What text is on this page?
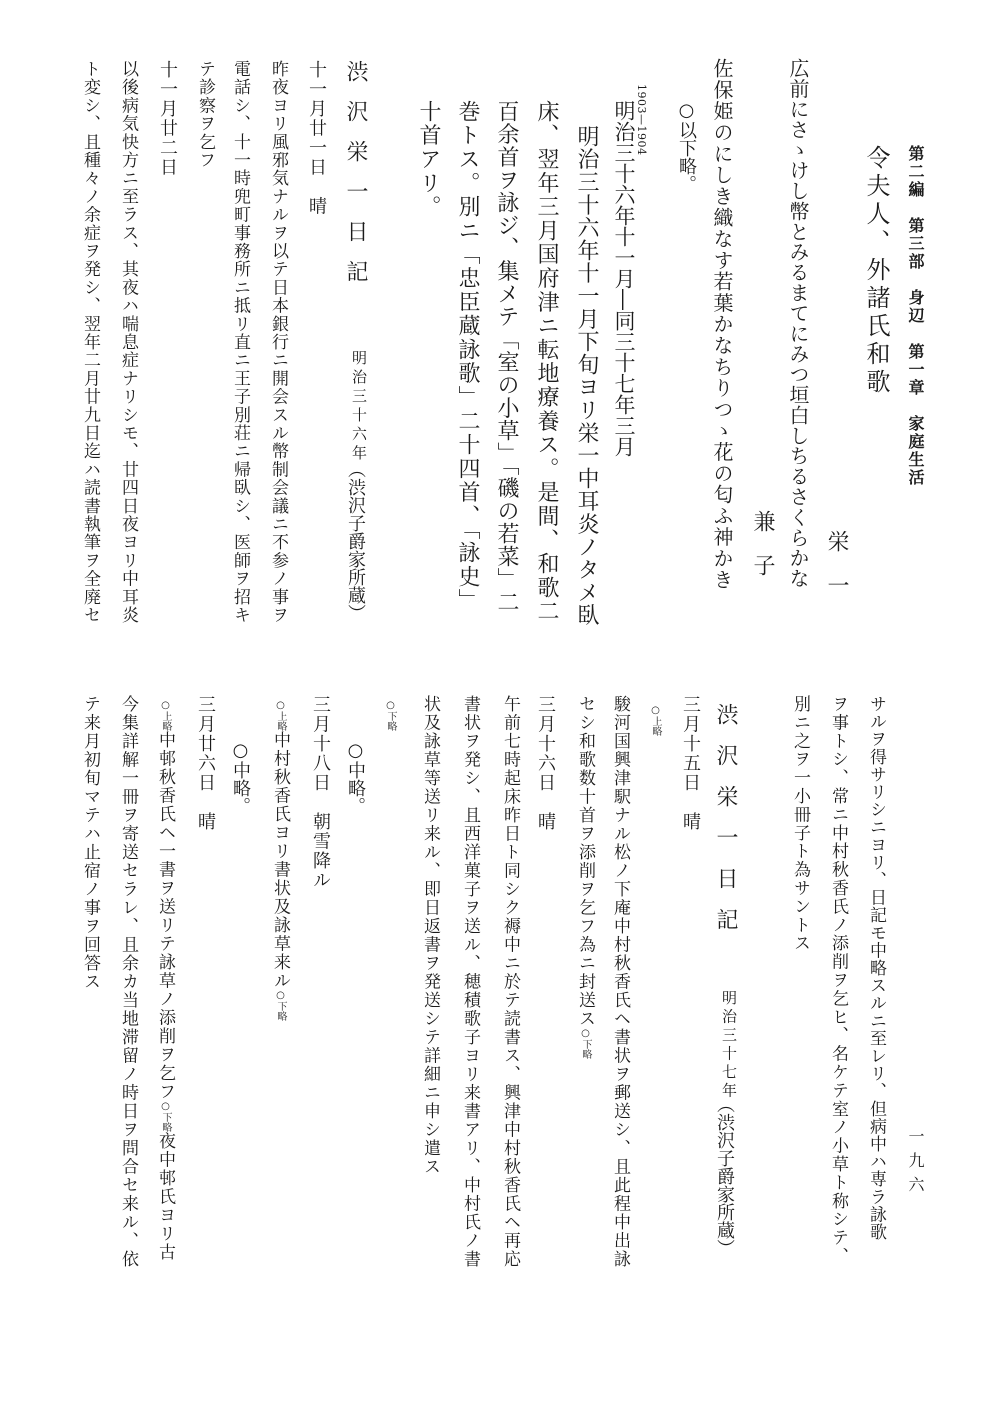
第二編　第三部　身辺　第一章　家庭生活
令夫人、外諸氏和歌
栄　一
広前にさゝけし幣とみるまてにみつ垣白しちるさくらかな
兼　子
佐保姫のにしき織なす若葉かなちりつゝ花の匂ふ神かき
○以下略。
1903—1904
明治三十六年十一月―同三十七年三月
明治三十六年十一月下旬ヨリ栄一中耳炎ノタメ臥
床、翌年三月国府津ニ転地療養ス。是間、和歌二
百余首ヲ詠ジ、集メテ「室の小草」「磯の若菜」二
巻トス。別ニ「忠臣蔵詠歌」二十四首、「詠史」
十首アリ。
渋沢栄一日記
明治三十六年
（渋沢子爵家所蔵）
十一月廿一日　晴
昨夜ヨリ風邪気ナルヲ以テ日本銀行ニ開会スル幣制会議ニ不参ノ事ヲ
電話シ、十一時兜町事務所ニ抵リ直ニ王子別荘ニ帰臥シ、医師ヲ招キ
テ診察ヲ乞フ
十一月廿二日
以後病気快方ニ至ラス、其夜ハ喘息症ナリシモ、廿四日夜ヨリ中耳炎
ト変シ、且種々ノ余症ヲ発シ、翌年二月廿九日迄ハ読書執筆ヲ全廃セ
一九六
サルヲ得サリシニヨリ、日記モ中略スルニ至レリ、但病中ハ専ラ詠歌
ヲ事トシ、常ニ中村秋香氏ノ添削ヲ乞ヒ、名ケテ室ノ小草ト称シテ、
別ニ之ヲ一小冊子ト為サントス
渋沢栄一日記
明治三十七年
（渋沢子爵家所蔵）
三月十五日　晴
○上略
駿河国興津駅ナル松ノ下庵中村秋香氏ヘ書状ヲ郵送シ、且此程中出詠
セシ和歌数十首ヲ添削ヲ乞フ為ニ封送ス○下略
三月十六日　晴
午前七時起床昨日ト同シク褥中ニ於テ読書ス、興津中村秋香氏ヘ再応
書状ヲ発シ、且西洋菓子ヲ送ル、穂積歌子ヨリ来書アリ、中村氏ノ書
状及詠草等送リ来ル、即日返書ヲ発送シテ詳細ニ申シ遣ス
○下略
○中略。
三月十八日　朝雪降ル
○上略中村秋香氏ヨリ書状及詠草来ル○下略
○中略。
三月廿六日　晴
○上略中邨秋香氏ヘ一書ヲ送リテ詠草ノ添削ヲ乞フ○下略夜中邨氏ヨリ古
今集詳解一冊ヲ寄送セラレ、且余カ当地滞留ノ時日ヲ問合セ来ル、依
テ来月初旬マテハ止宿ノ事ヲ回答ス
